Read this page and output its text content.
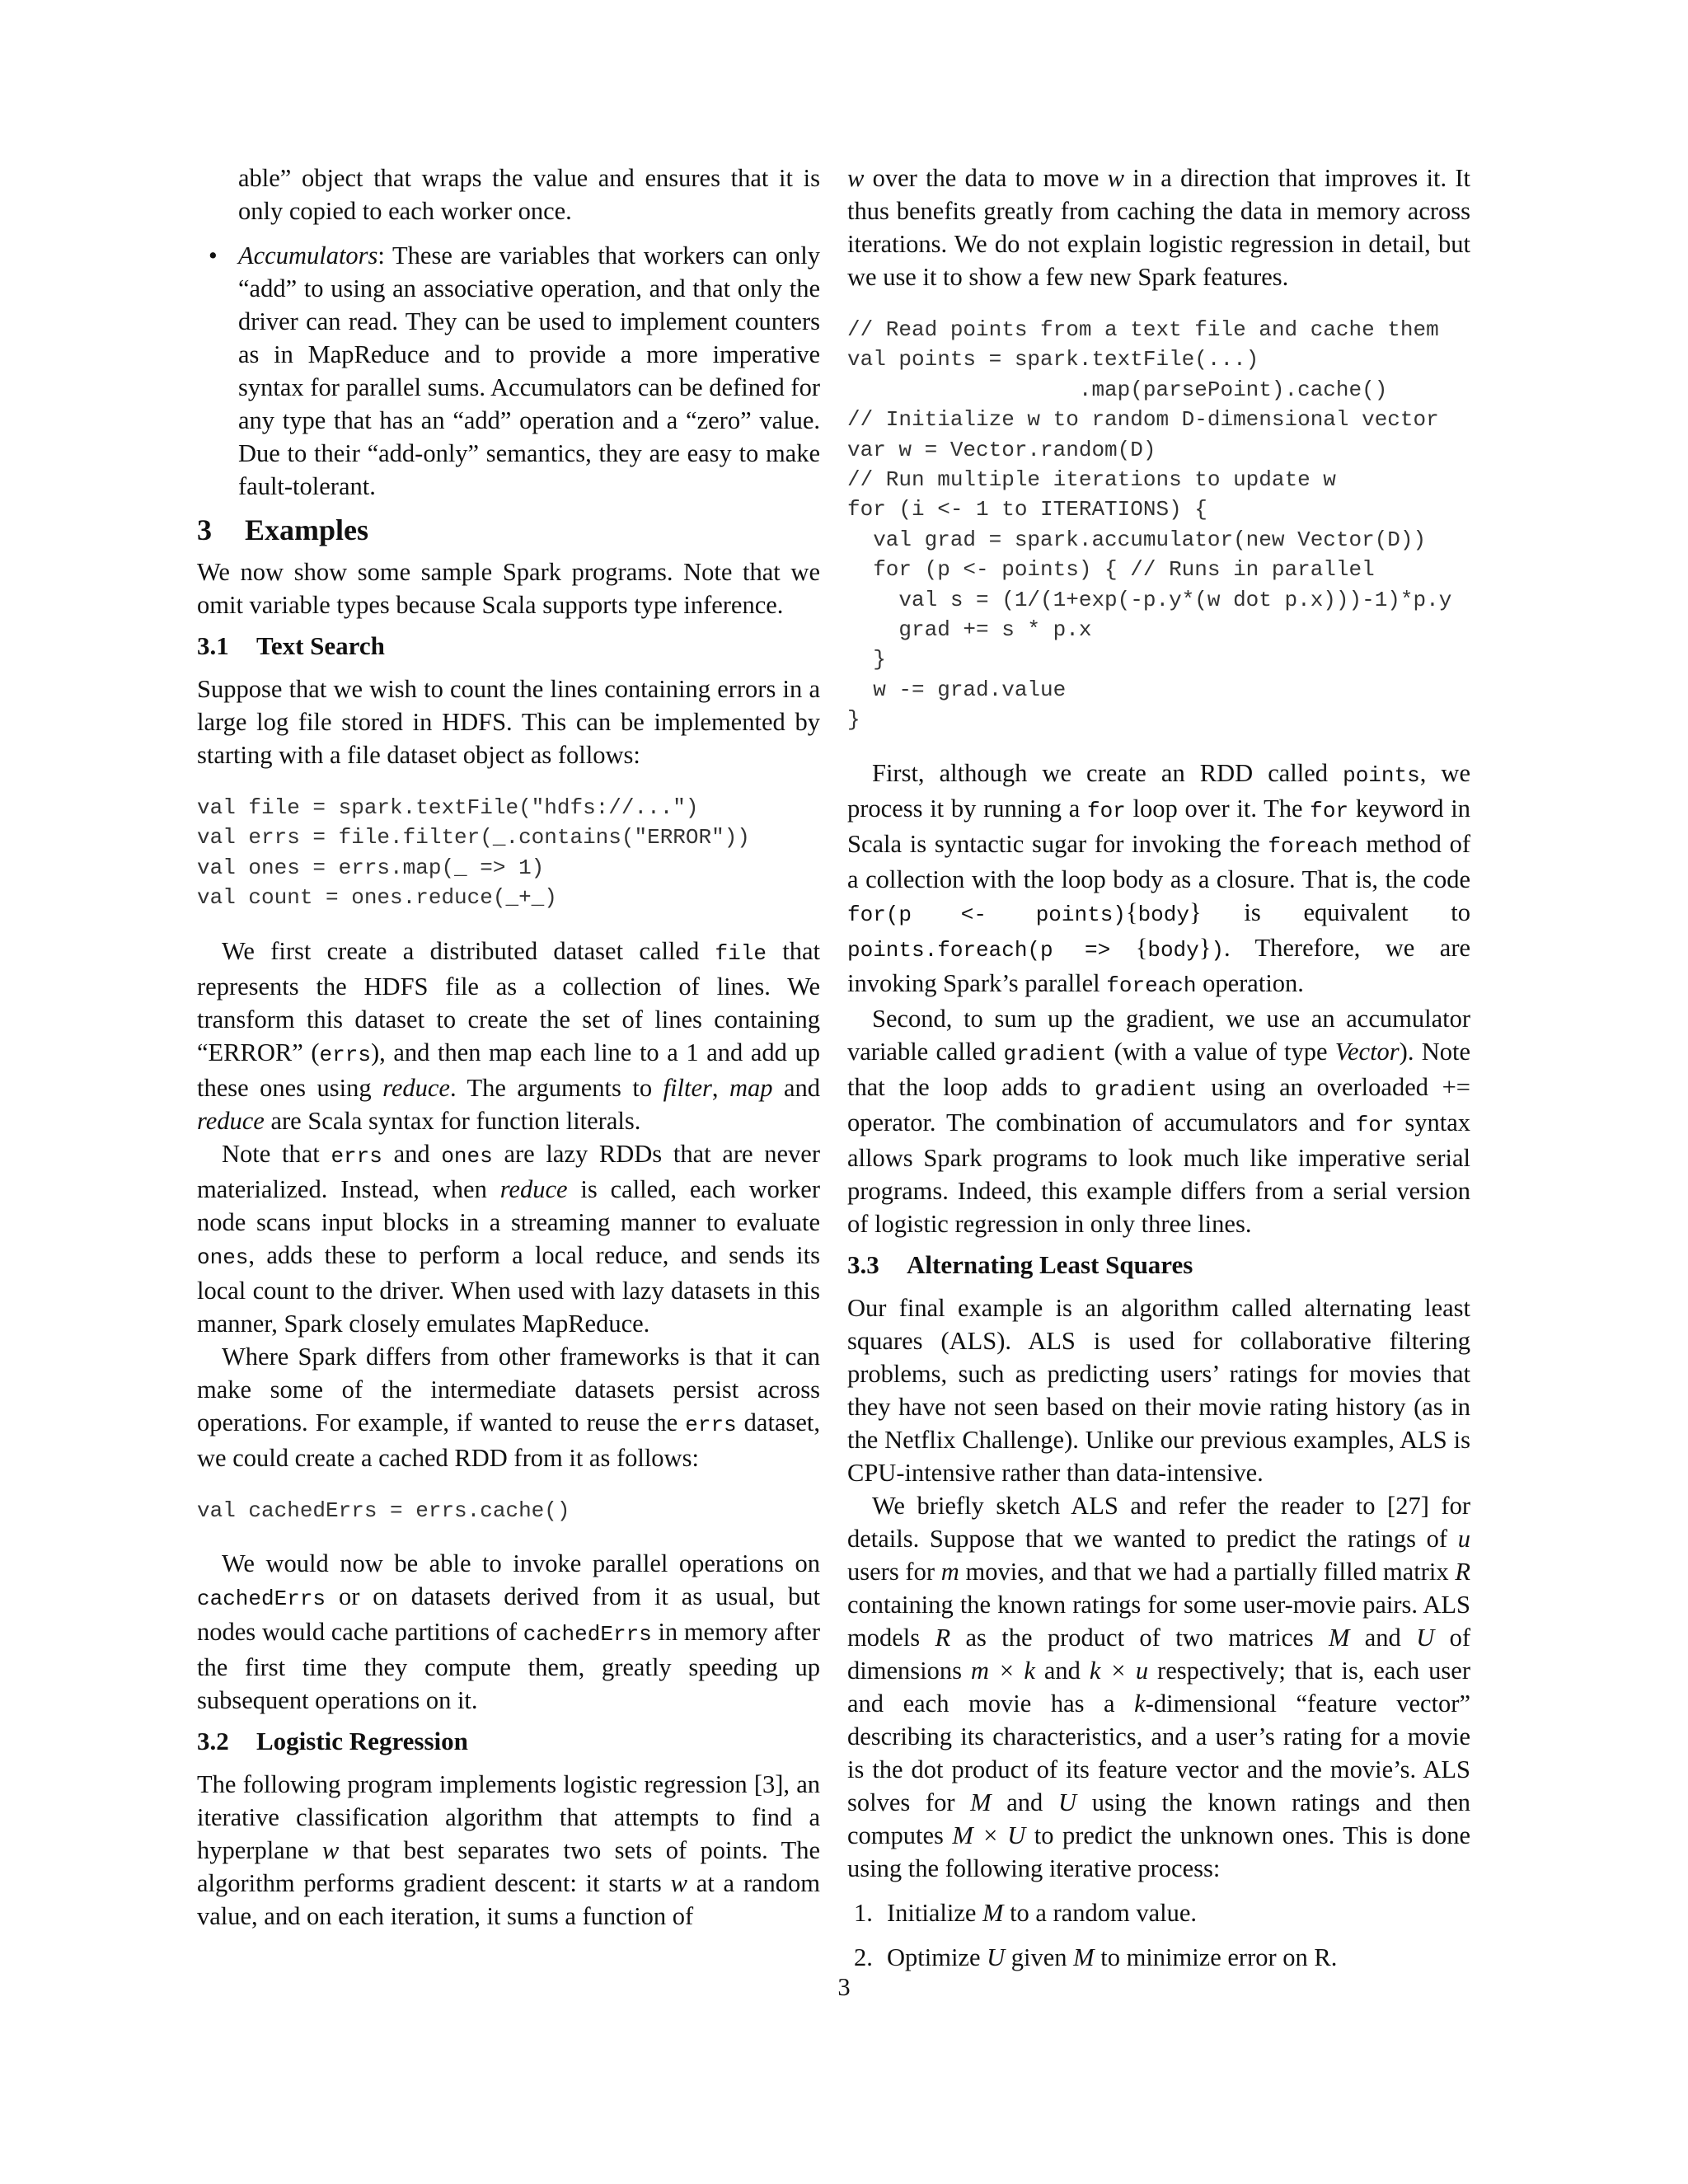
able” object that wraps the value and ensures that it is only copied to each worker once.

• Accumulators: These are variables that workers can only “add” to using an associative operation, and that only the driver can read. They can be used to implement counters as in MapReduce and to provide a more imperative syntax for parallel sums. Accumulators can be defined for any type that has an “add” operation and a “zero” value. Due to their “add-only” semantics, they are easy to make fault-tolerant.
3 Examples

We now show some sample Spark programs. Note that we omit variable types because Scala supports type inference.

3.1 Text Search

Suppose that we wish to count the lines containing errors in a large log file stored in HDFS. This can be implemented by starting with a file dataset object as follows:

val file = spark.textFile("hdfs://...")
val errs = file.filter(_.contains("ERROR"))
val ones = errs.map(_ => 1)
val count = ones.reduce(_+_)

We first create a distributed dataset called file that represents the HDFS file as a collection of lines. We transform this dataset to create the set of lines containing “ERROR” (errs), and then map each line to a 1 and add up these ones using reduce. The arguments to filter, map and reduce are Scala syntax for function literals.

Note that errs and ones are lazy RDDs that are never materialized. Instead, when reduce is called, each worker node scans input blocks in a streaming manner to evaluate ones, adds these to perform a local reduce, and sends its local count to the driver. When used with lazy datasets in this manner, Spark closely emulates MapReduce.

Where Spark differs from other frameworks is that it can make some of the intermediate datasets persist across operations. For example, if wanted to reuse the errs dataset, we could create a cached RDD from it as follows:

val cachedErrs = errs.cache()

We would now be able to invoke parallel operations on cachedErrs or on datasets derived from it as usual, but nodes would cache partitions of cachedErrs in memory after the first time they compute them, greatly speeding up subsequent operations on it.

3.2 Logistic Regression

The following program implements logistic regression [3], an iterative classification algorithm that attempts to find a hyperplane w that best separates two sets of points. The algorithm performs gradient descent: it starts w at a random value, and on each iteration, it sums a function of

w over the data to move w in a direction that improves it. It thus benefits greatly from caching the data in memory across iterations. We do not explain logistic regression in detail, but we use it to show a few new Spark features.

// Read points from a text file and cache them
val points = spark.textFile(...)
.map(parsePoint).cache()
// Initialize w to random D-dimensional vector
var w = Vector.random(D)
// Run multiple iterations to update w
for (i <- 1 to ITERATIONS) {
val grad = spark.accumulator(new Vector(D))
for (p <- points) { // Runs in parallel
val s = (1/(1+exp(-p.y*(w dot p.x)))-1)*p.y
grad += s * p.x
}
w -= grad.value
}

First, although we create an RDD called points, we process it by running a for loop over it. The for keyword in Scala is syntactic sugar for invoking the foreach method of a collection with the loop body as a closure. That is, the code for(p <- points){body} is equivalent to points.foreach(p => {body}). Therefore, we are invoking Spark’s parallel foreach operation.

Second, to sum up the gradient, we use an accumulator variable called gradient (with a value of type Vector). Note that the loop adds to gradient using an overloaded += operator. The combination of accumulators and for syntax allows Spark programs to look much like imperative serial programs. Indeed, this example differs from a serial version of logistic regression in only three lines.

3.3 Alternating Least Squares

Our final example is an algorithm called alternating least squares (ALS). ALS is used for collaborative filtering problems, such as predicting users’ ratings for movies that they have not seen based on their movie rating history (as in the Netflix Challenge). Unlike our previous examples, ALS is CPU-intensive rather than data-intensive.

We briefly sketch ALS and refer the reader to [27] for details. Suppose that we wanted to predict the ratings of u users for m movies, and that we had a partially filled matrix R containing the known ratings for some user-movie pairs. ALS models R as the product of two matrices M and U of dimensions m × k and k × u respectively; that is, each user and each movie has a k-dimensional “feature vector” describing its characteristics, and a user’s rating for a movie is the dot product of its feature vector and the movie’s. ALS solves for M and U using the known ratings and then computes M × U to predict the unknown ones. This is done using the following iterative process:

1. Initialize M to a random value.
2. Optimize U given M to minimize error on R.
3
